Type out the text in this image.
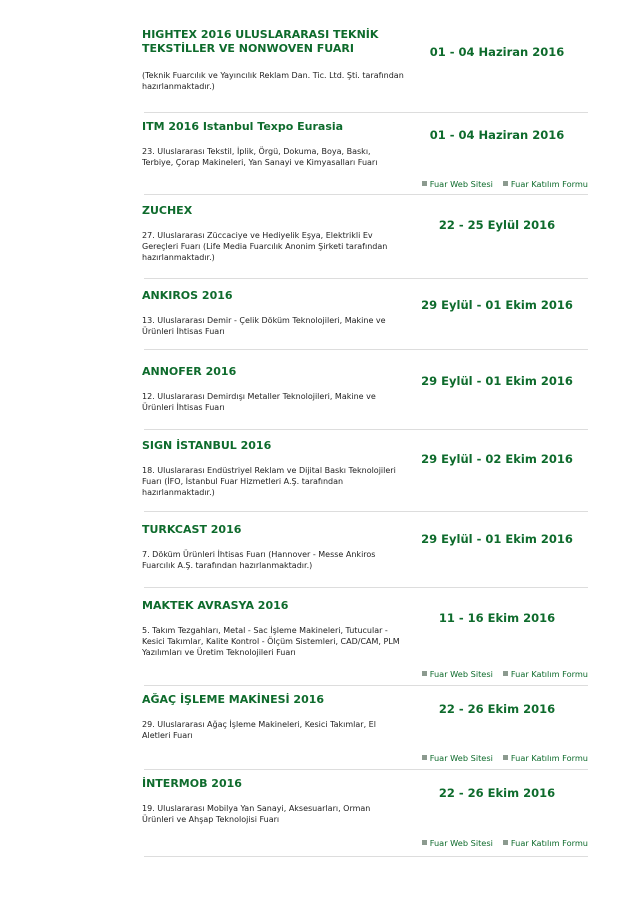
HIGHTEX 2016 ULUSLARARASI TEKNİK TEKSTİLLER VE NONWOVEN FUARI	01 - 04 Haziran 2016
(Teknik Fuarcılık ve Yayıncılık Reklam Dan. Tic. Ltd. Şti. tarafından hazırlanmaktadır.)
ITM 2016 Istanbul Texpo Eurasia
01 - 04 Haziran 2016
23. Uluslararası Tekstil, İplik, Örgü, Dokuma, Boya, Baskı, Terbiye, Çorap Makineleri, Yan Sanayi ve Kimyasalları Fuarı
Fuar Web Sitesi Fuar Katılım Formu
ZUCHEX
22 - 25 Eylül 2016
27. Uluslararası Züccaciye ve Hediyelik Eşya, Elektrikli Ev Gereçleri Fuarı (Life Media Fuarcılık Anonim Şirketi tarafından hazırlanmaktadır.)
ANKIROS 2016
29 Eylül - 01 Ekim 2016
13. Uluslararası Demir - Çelik Döküm Teknolojileri, Makine ve Ürünleri İhtisas Fuarı
ANNOFER 2016
29 Eylül - 01 Ekim 2016
12. Uluslararası Demirdışı Metaller Teknolojileri, Makine ve Ürünleri İhtisas Fuarı
SIGN İSTANBUL 2016
29 Eylül - 02 Ekim 2016
18. Uluslararası Endüstriyel Reklam ve Dijital Baskı Teknolojileri Fuarı (İFO, İstanbul Fuar Hizmetleri A.Ş. tarafından hazırlanmaktadır.)
TURKCAST 2016
29 Eylül - 01 Ekim 2016
7. Döküm Ürünleri İhtisas Fuarı (Hannover - Messe Ankiros Fuarcılık A.Ş. tarafından hazırlanmaktadır.)
MAKTEK AVRASYA 2016
11 - 16 Ekim 2016
5. Takım Tezgahları, Metal - Sac İşleme Makineleri, Tutucular - Kesici Takımlar, Kalite Kontrol - Ölçüm Sistemleri, CAD/CAM, PLM Yazılımları ve Üretim Teknolojileri Fuarı
Fuar Web Sitesi Fuar Katılım Formu
AĞAÇ İŞLEME MAKİNESİ 2016
22 - 26 Ekim 2016
29. Uluslararası Ağaç İşleme Makineleri, Kesici Takımlar, El Aletleri Fuarı
Fuar Web Sitesi Fuar Katılım Formu
İNTERMOB 2016
22 - 26 Ekim 2016
19. Uluslararası Mobilya Yan Sanayi, Aksesuarları, Orman Ürünleri ve Ahşap Teknolojisi Fuarı
Fuar Web Sitesi Fuar Katılım Formu
